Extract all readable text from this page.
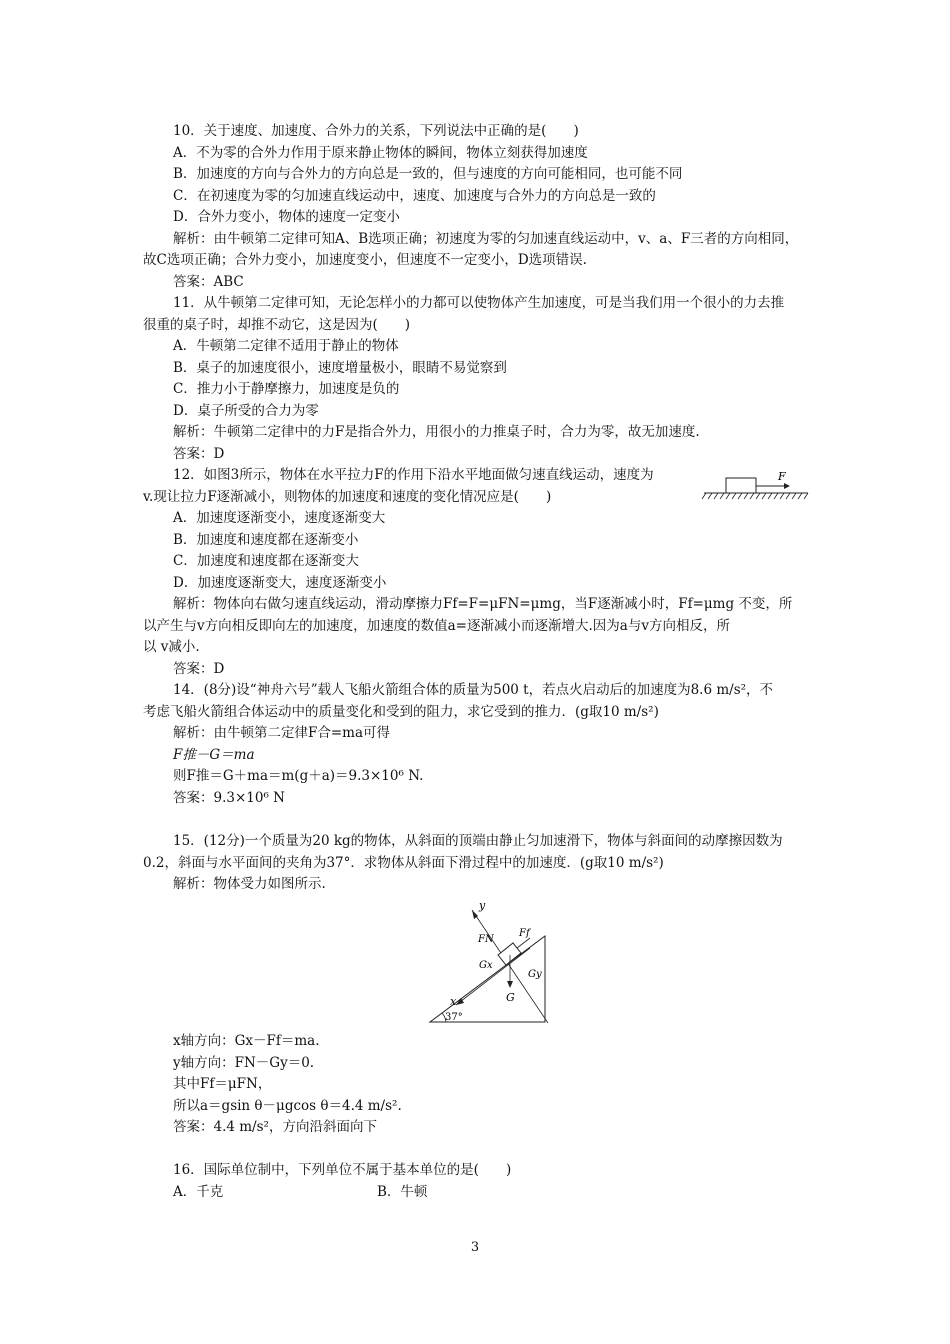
10．关于速度、加速度、合外力的关系，下列说法中正确的是(　　)
A．不为零的合外力作用于原来静止物体的瞬间，物体立刻获得加速度
B．加速度的方向与合外力的方向总是一致的，但与速度的方向可能相同，也可能不同
C．在初速度为零的匀加速直线运动中，速度、加速度与合外力的方向总是一致的
D．合外力变小，物体的速度一定变小
解析：由牛顿第二定律可知A、B选项正确；初速度为零的匀加速直线运动中，v、a、F三者的方向相同，
故C选项正确；合外力变小，加速度变小，但速度不一定变小，D选项错误.
答案：ABC
11．从牛顿第二定律可知，无论怎样小的力都可以使物体产生加速度，可是当我们用一个很小的力去推
很重的桌子时，却推不动它，这是因为(　　)
A．牛顿第二定律不适用于静止的物体
B．桌子的加速度很小，速度增量极小，眼睛不易觉察到
C．推力小于静摩擦力，加速度是负的
D．桌子所受的合力为零
解析：牛顿第二定律中的力F是指合外力，用很小的力推桌子时，合力为零，故无加速度.
答案：D
12．如图3所示，物体在水平拉力F的作用下沿水平地面做匀速直线运动，速度为
v.现让拉力F逐渐减小，则物体的加速度和速度的变化情况应是(　　)
F
A．加速度逐渐变小，速度逐渐变大
B．加速度和速度都在逐渐变小
C．加速度和速度都在逐渐变大
D．加速度逐渐变大，速度逐渐变小
解析：物体向右做匀速直线运动，滑动摩擦力Ff=F=μFN=μmg，当F逐渐减小时，Ff=μmg 不变，所
以产生与v方向相反即向左的加速度，加速度的数值a=逐渐减小而逐渐增大.因为a与v方向相反，所
以 v减小.
答案：D
14．(8分)设“神舟六号”载人飞船火箭组合体的质量为500 t，若点火启动后的加速度为8.6 m/s²，不
考虑飞船火箭组合体运动中的质量变化和受到的阻力，求它受到的推力．(g取10 m/s²)
解析：由牛顿第二定律F合=ma可得
F推－G＝ma
则F推＝G＋ma＝m(g＋a)＝9.3×10⁶ N.
答案：9.3×10⁶ N
15．(12分)一个质量为20 kg的物体，从斜面的顶端由静止匀加速滑下，物体与斜面间的动摩擦因数为
0.2，斜面与水平面间的夹角为37°．求物体从斜面下滑过程中的加速度．(g取10 m/s²)
解析：物体受力如图所示.
37°
x
y
G
Gx
Gy
FN
Ff
x轴方向：Gx－Ff＝ma.
y轴方向：FN－Gy＝0.
其中Ff＝μFN，
所以a＝gsin θ－μgcos θ＝4.4 m/s².
答案：4.4 m/s²，方向沿斜面向下
16．国际单位制中，下列单位不属于基本单位的是(　　)
A．千克	B．牛顿
3
